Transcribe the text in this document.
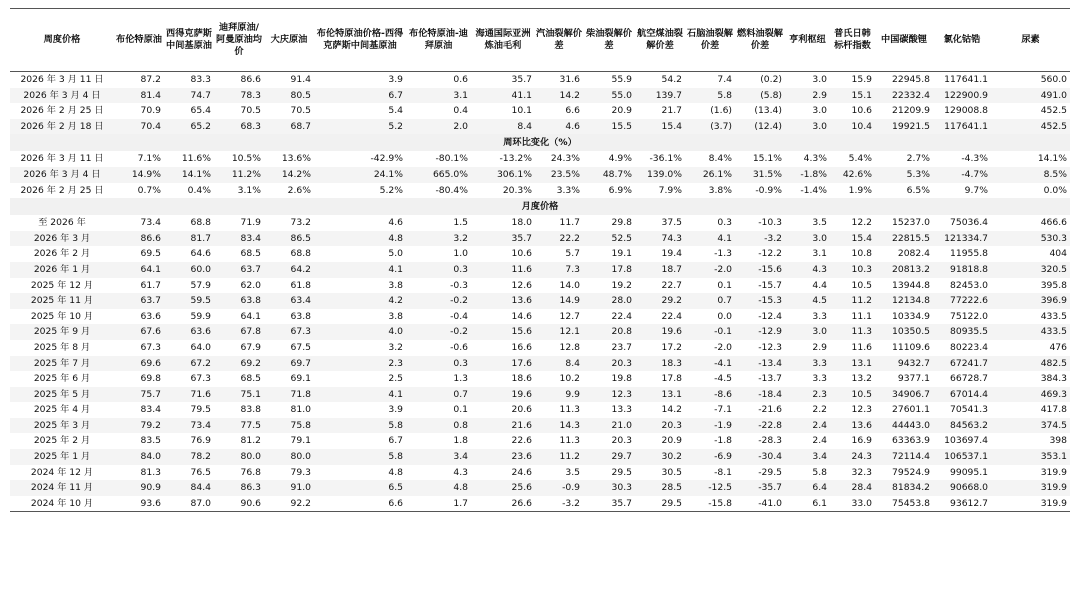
周度价格	布伦特原油	西得克萨斯中间基原油	迪拜原油/阿曼原油均价	大庆原油	布伦特原油价格-西得克萨斯中间基原油	布伦特原油-迪拜原油	海通国际亚洲炼油毛利	汽油裂解价差	柴油裂解价差	航空煤油裂解价差	石脑油裂解价差	燃料油裂解价差	亨利枢纽	普氏日韩标杆指数	中国碳酸锂	氯化钴锆	尿素
2026 年 3 月 11 日	87.2	83.3	86.6	91.4	3.9	0.6	35.7	31.6	55.9	54.2	7.4	(0.2)	3.0	15.9	22945.8	117641.1	560.0
2026 年 3 月 4 日	81.4	74.7	78.3	80.5	6.7	3.1	41.1	14.2	55.0	139.7	5.8	(5.8)	2.9	15.1	22332.4	122900.9	491.0
2026 年 2 月 25 日	70.9	65.4	70.5	70.5	5.4	0.4	10.1	6.6	20.9	21.7	(1.6)	(13.4)	3.0	10.6	21209.9	129008.8	452.5
2026 年 2 月 18 日	70.4	65.2	68.3	68.7	5.2	2.0	8.4	4.6	15.5	15.4	(3.7)	(12.4)	3.0	10.4	19921.5	117641.1	452.5
周环比变化（%）																	
2026 年 3 月 11 日	7.1%	11.6%	10.5%	13.6%	-42.9%	-80.1%	-13.2%	24.3%	4.9%	-36.1%	8.4%	15.1%	4.3%	5.4%	2.7%	-4.3%	14.1%
2026 年 3 月 4 日	14.9%	14.1%	11.2%	14.2%	24.1%	665.0%	306.1%	23.5%	48.7%	139.0%	26.1%	31.5%	-1.8%	42.6%	5.3%	-4.7%	8.5%
2026 年 2 月 25 日	0.7%	0.4%	3.1%	2.6%	5.2%	-80.4%	20.3%	3.3%	6.9%	7.9%	3.8%	-0.9%	-1.4%	1.9%	6.5%	9.7%	0.0%
月度价格																	
至 2026 年	73.4	68.8	71.9	73.2	4.6	1.5	18.0	11.7	29.8	37.5	0.3	-10.3	3.5	12.2	15237.0	75036.4	466.6
2026 年 3 月	86.6	81.7	83.4	86.5	4.8	3.2	35.7	22.2	52.5	74.3	4.1	-3.2	3.0	15.4	22815.5	121334.7	530.3
2026 年 2 月	69.5	64.6	68.5	68.8	5.0	1.0	10.6	5.7	19.1	19.4	-1.3	-12.2	3.1	10.8	2082.4	11955.8	404
2026 年 1 月	64.1	60.0	63.7	64.2	4.1	0.3	11.6	7.3	17.8	18.7	-2.0	-15.6	4.3	10.3	20813.2	91818.8	320.5
2025 年 12 月	61.7	57.9	62.0	61.8	3.8	-0.3	12.6	14.0	19.2	22.7	0.1	-15.7	4.4	10.5	13944.8	82453.0	395.8
2025 年 11 月	63.7	59.5	63.8	63.4	4.2	-0.2	13.6	14.9	28.0	29.2	0.7	-15.3	4.5	11.2	12134.8	77222.6	396.9
2025 年 10 月	63.6	59.9	64.1	63.8	3.8	-0.4	14.6	12.7	22.4	22.4	0.0	-12.4	3.3	11.1	10334.9	75122.0	433.5
2025 年 9 月	67.6	63.6	67.8	67.3	4.0	-0.2	15.6	12.1	20.8	19.6	-0.1	-12.9	3.0	11.3	10350.5	80935.5	433.5
2025 年 8 月	67.3	64.0	67.9	67.5	3.2	-0.6	16.6	12.8	23.7	17.2	-2.0	-12.3	2.9	11.6	11109.6	80223.4	476
2025 年 7 月	69.6	67.2	69.2	69.7	2.3	0.3	17.6	8.4	20.3	18.3	-4.1	-13.4	3.3	13.1	9432.7	67241.7	482.5
2025 年 6 月	69.8	67.3	68.5	69.1	2.5	1.3	18.6	10.2	19.8	17.8	-4.5	-13.7	3.3	13.2	9377.1	66728.7	384.3
2025 年 5 月	75.7	71.6	75.1	71.8	4.1	0.7	19.6	9.9	12.3	13.1	-8.6	-18.4	2.3	10.5	34906.7	67014.4	469.3
2025 年 4 月	83.4	79.5	83.8	81.0	3.9	0.1	20.6	11.3	13.3	14.2	-7.1	-21.6	2.2	12.3	27601.1	70541.3	417.8
2025 年 3 月	79.2	73.4	77.5	75.8	5.8	0.8	21.6	14.3	21.0	20.3	-1.9	-22.8	2.4	13.6	44443.0	84563.2	374.5
2025 年 2 月	83.5	76.9	81.2	79.1	6.7	1.8	22.6	11.3	20.3	20.9	-1.8	-28.3	2.4	16.9	63363.9	103697.4	398
2025 年 1 月	84.0	78.2	80.0	80.0	5.8	3.4	23.6	11.2	29.7	30.2	-6.9	-30.4	3.4	24.3	72114.4	106537.1	353.1
2024 年 12 月	81.3	76.5	76.8	79.3	4.8	4.3	24.6	3.5	29.5	30.5	-8.1	-29.5	5.8	32.3	79524.9	99095.1	319.9
2024 年 11 月	90.9	84.4	86.3	91.0	6.5	4.8	25.6	-0.9	30.3	28.5	-12.5	-35.7	6.4	28.4	81834.2	90668.0	319.9
2024 年 10 月	93.6	87.0	90.6	92.2	6.6	1.7	26.6	-3.2	35.7	29.5	-15.8	-41.0	6.1	33.0	75453.8	93612.7	319.9
